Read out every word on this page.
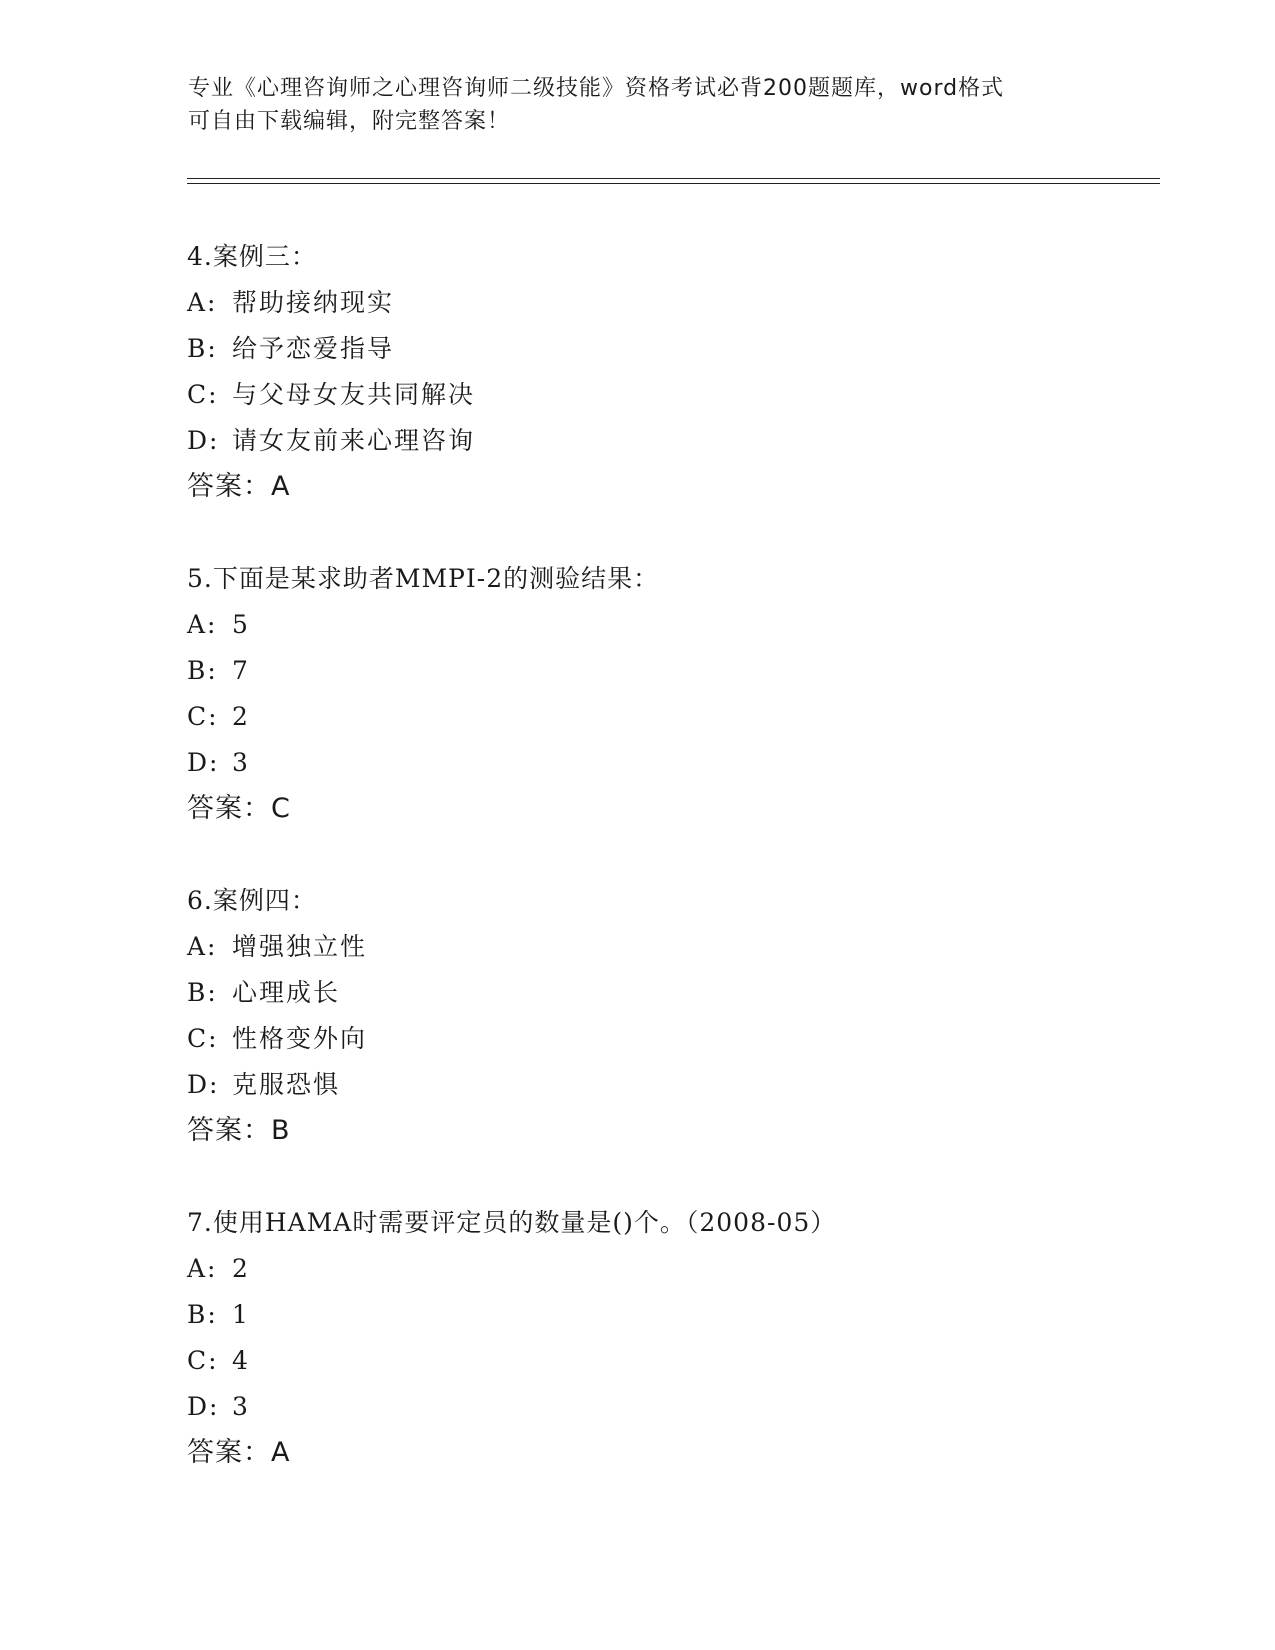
专业《心理咨询师之心理咨询师二级技能》资格考试必背200题题库，word格式
可自由下载编辑，附完整答案！
4.案例三：
A: 帮助接纳现实
B: 给予恋爱指导
C: 与父母女友共同解决
D: 请女友前来心理咨询
答案：A
5.下面是某求助者MMPI-2的测验结果：
A: 5
B: 7
C: 2
D: 3
答案：C
6.案例四：
A: 增强独立性
B: 心理成长
C: 性格变外向
D: 克服恐惧
答案：B
7.使用HAMA时需要评定员的数量是()个。（2008-05）
A: 2
B: 1
C: 4
D: 3
答案：A
